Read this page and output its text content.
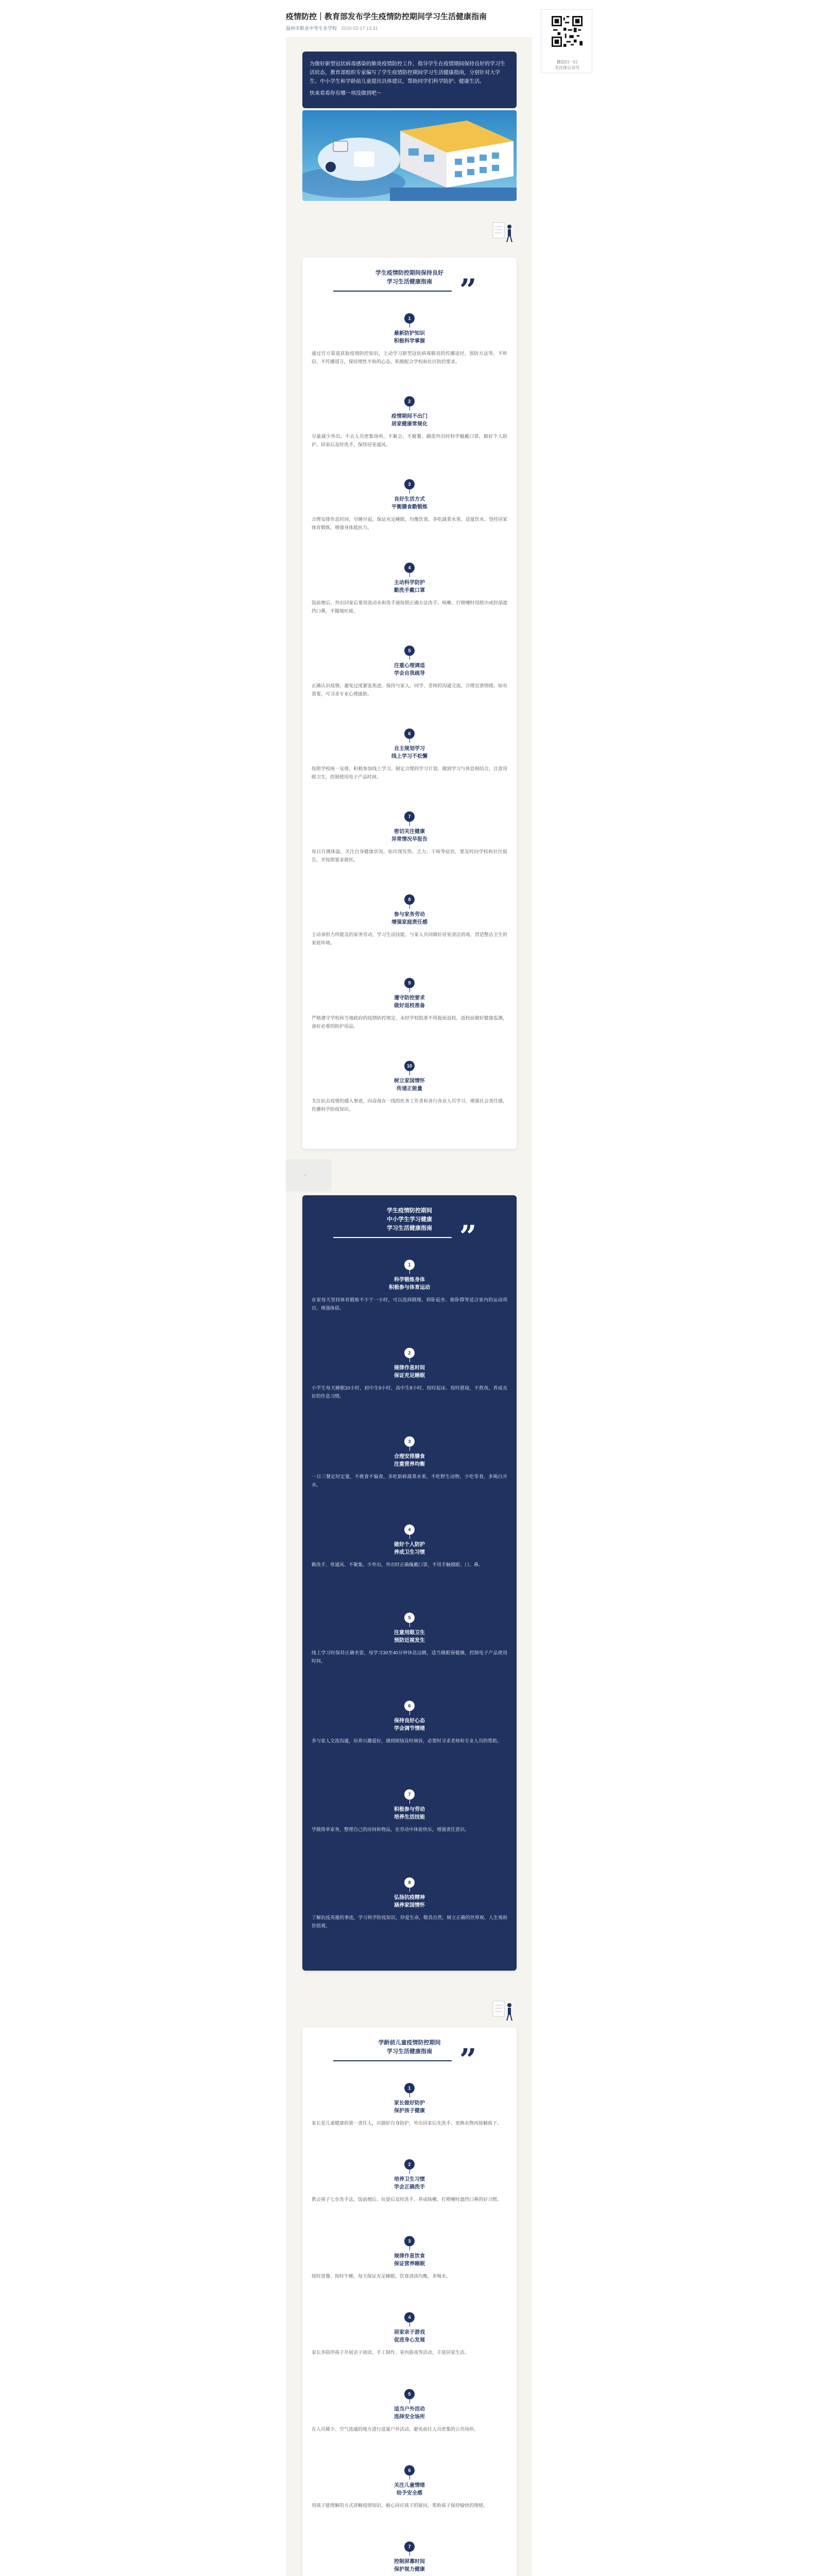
疫情防控｜教育部发布学生疫情防控期间学习生活健康指南
温州市职业中等专业学校 2020-02-17 13:31
微信扫一扫
关注该公众号

为做好新型冠状病毒感染的肺炎疫情防控工作，指导学生在疫情期间保持良好的学习生活状态，教育部组织专家编写了学生疫情防控期间学习生活健康指南，分别针对大学生、中小学生和学龄前儿童提出具体建议，帮助同学们科学防护、健康生活。

快来看看你有哪一项没做到吧～

学生疫情防控期间保持良好
学习生活健康指南 ”
1
最新防护知识
积极科学掌握
通过官方渠道获取疫情防控知识，主动学习新型冠状病毒肺炎的传播途径、预防方法等。不听信、不传播谣言，保持理性平和的心态，积极配合学校和社区防控要求。
2
疫情期间不出门
居家健康常规化
尽量减少外出，不去人员密集场所，不聚会、不聚餐。确需外出时科学佩戴口罩，做好个人防护。回家后及时洗手，保持居室通风。
3
良好生活方式
平衡膳食勤锻炼
合理安排作息时间，早睡早起，保证充足睡眠。均衡饮食，多吃蔬菜水果，适量饮水。坚持居家体育锻炼，增强身体抵抗力。
4
主动科学防护
勤洗手戴口罩
饭前便后、外出回家后要用流动水和洗手液按照正确方法洗手。咳嗽、打喷嚏时用纸巾或肘部遮挡口鼻，不随地吐痰。
5
注重心理调适
学会自我疏导
正确认识疫情，避免过度紧张焦虑。保持与家人、同学、老师的沟通交流，合理宣泄情绪。如有需要，可寻求专业心理援助。
6
自主规划学习
线上学习不松懈
按照学校统一安排，积极参加线上学习。制定合理的学习计划，做到学习与休息相结合，注意用眼卫生，控制使用电子产品时间。
7
密切关注健康
异常情况早报告
每日自测体温，关注自身健康状况。如出现发热、乏力、干咳等症状，要及时向学校和社区报告，并按照要求就医。
8
参与家务劳动
增强家庭责任感
主动承担力所能及的家务劳动，学习生活技能。与家人共同做好居室清洁消毒，营造整洁卫生的家庭环境。
9
遵守防控要求
做好返校准备
严格遵守学校和当地政府的疫情防控规定，未经学校批准不得提前返校。返校前做好健康监测，备好必要的防护用品。
10
树立家国情怀
传递正能量
关注抗击疫情的感人事迹，向奋战在一线的医务工作者和各行各业人员学习，增强社会责任感，传播科学防疫知识。
◦
学生疫情防控期间
中小学生学习健康
学习生活健康指南 ”
1
科学锻炼身体
积极参与体育运动
在家每天坚持体育锻炼不少于一小时，可以选择跳绳、仰卧起坐、俯卧撑等适合室内的运动项目，增强体质。
2
规律作息时间
保证充足睡眠
小学生每天睡眠10小时，初中生9小时，高中生8小时。按时起床、按时就寝，不熬夜，养成良好的作息习惯。
3
合理安排膳食
注重营养均衡
一日三餐定时定量，不挑食不偏食，多吃新鲜蔬菜水果，不吃野生动物，少吃零食，多喝白开水。
4
做好个人防护
养成卫生习惯
勤洗手、常通风、不聚集、少外出，外出时正确佩戴口罩，不用手触摸眼、口、鼻。
5
注意用眼卫生
预防近视发生
线上学习时保持正确坐姿，每学习30至40分钟休息远眺，适当做眼保健操，控制电子产品使用时间。
6
保持良好心态
学会调节情绪
多与家人交流沟通，培养兴趣爱好，遇到烦恼及时倾诉，必要时寻求老师和专业人员的帮助。
7
积极参与劳动
培养生活技能
学做简单家务，整理自己的房间和物品，在劳动中体验快乐，增强责任意识。
8
弘扬抗疫精神
涵养家国情怀
了解抗疫英雄的事迹，学习科学防疫知识，珍爱生命，敬畏自然，树立正确的世界观、人生观和价值观。
学龄前儿童疫情防控期间
学习生活健康指南 ”
1
家长做好防护
保护孩子健康
家长是儿童健康的第一责任人，应做好自身防护，外出回家后先洗手、更换衣物再接触孩子。
2
培养卫生习惯
学会正确洗手
教会孩子七步洗手法，饭前便后、玩耍后及时洗手，养成咳嗽、打喷嚏时遮挡口鼻的好习惯。
3
规律作息饮食
保证营养睡眠
按时进餐、按时午睡，每天保证充足睡眠，饮食清淡均衡，多喝水。
4
居家亲子游戏
促进身心发展
家长多陪伴孩子开展亲子阅读、手工制作、室内游戏等活动，丰富居家生活。
5
适当户外活动
选择安全场所
在人员稀少、空气流通的地方进行适量户外活动，避免前往人员密集的公共场所。
6
关注儿童情绪
给予安全感
用孩子能理解的方式讲解疫情知识，耐心回应孩子的疑问，帮助孩子保持愉快的情绪。
7
控制屏幕时间
保护视力健康
